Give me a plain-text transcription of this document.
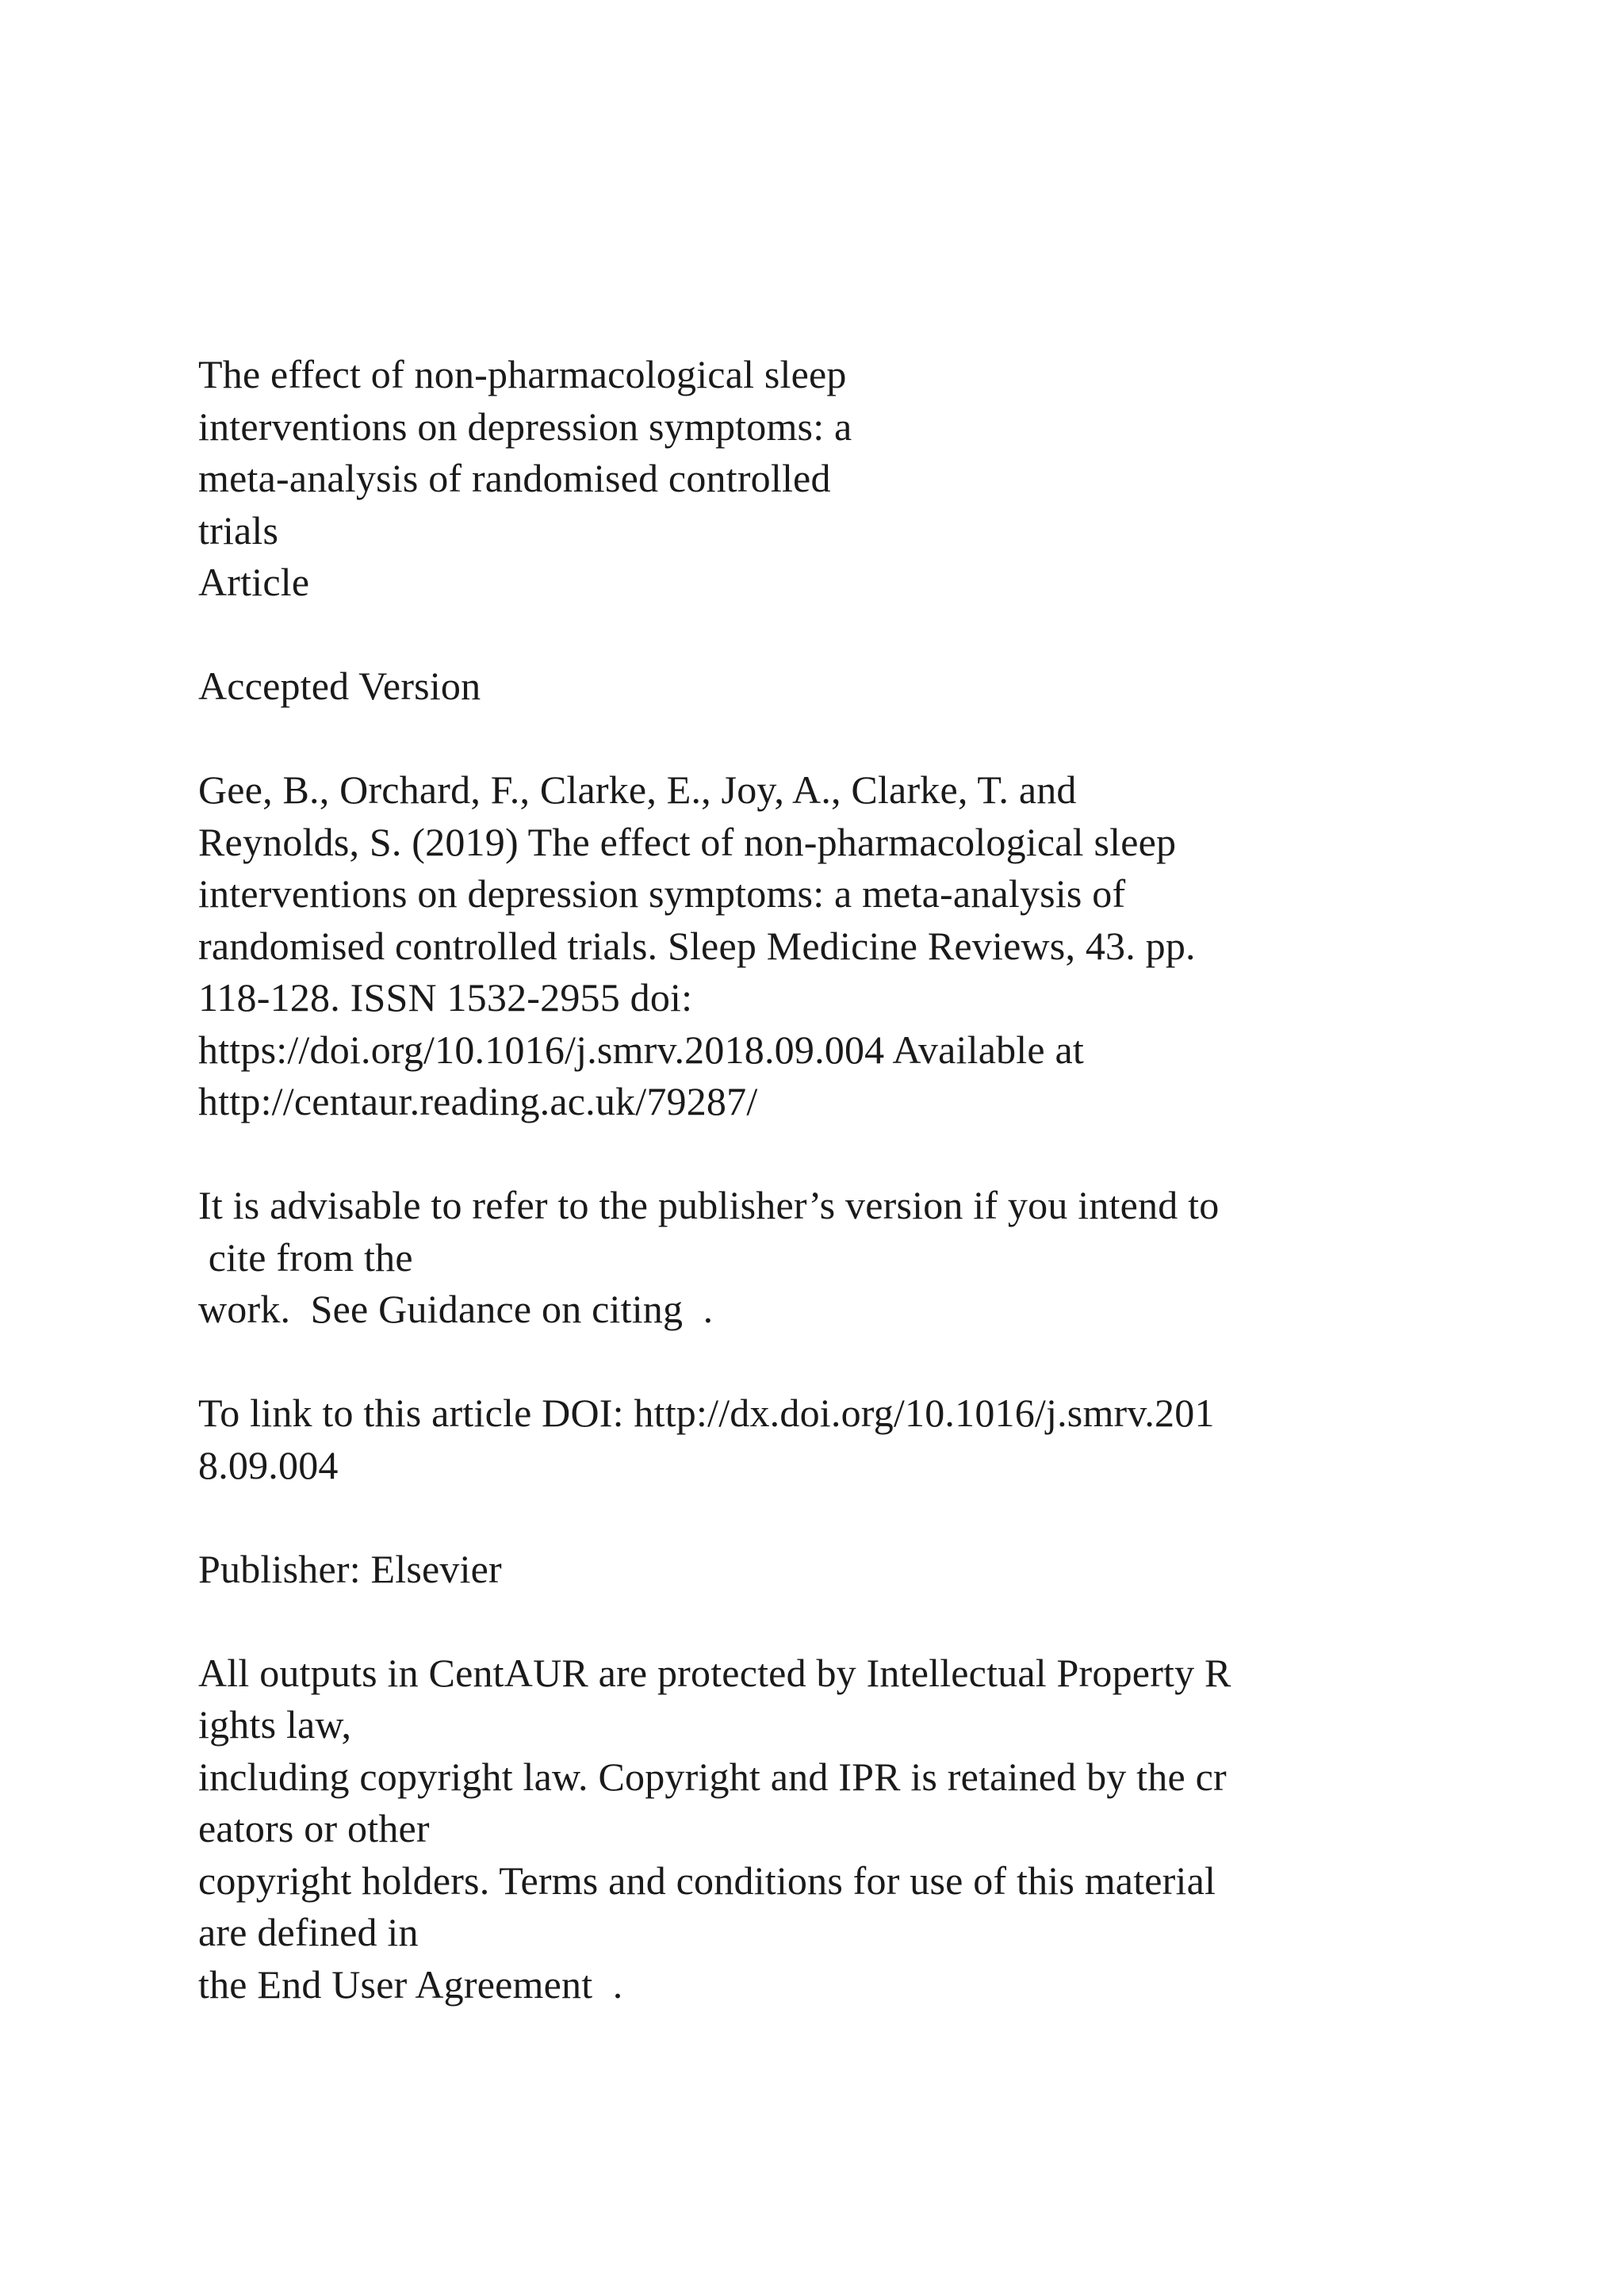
The effect of non-pharmacological sleep
interventions on depression symptoms: a
meta-analysis of randomised controlled
trials
Article
Accepted Version
Gee, B., Orchard, F., Clarke, E., Joy, A., Clarke, T. and
Reynolds, S. (2019) The effect of non-pharmacological sleep
interventions on depression symptoms: a meta-analysis of
randomised controlled trials. Sleep Medicine Reviews, 43. pp.
118-128. ISSN 1532-2955 doi:
https://doi.org/10.1016/j.smrv.2018.09.004 Available at
http://centaur.reading.ac.uk/79287/
It is advisable to refer to the publisher’s version if you intend to
cite from the
work.  See Guidance on citing  .
To link to this article DOI: http://dx.doi.org/10.1016/j.smrv.201
8.09.004
Publisher: Elsevier
All outputs in CentAUR are protected by Intellectual Property R
ights law,
including copyright law. Copyright and IPR is retained by the cr
eators or other
copyright holders. Terms and conditions for use of this material
are defined in
the End User Agreement  .
